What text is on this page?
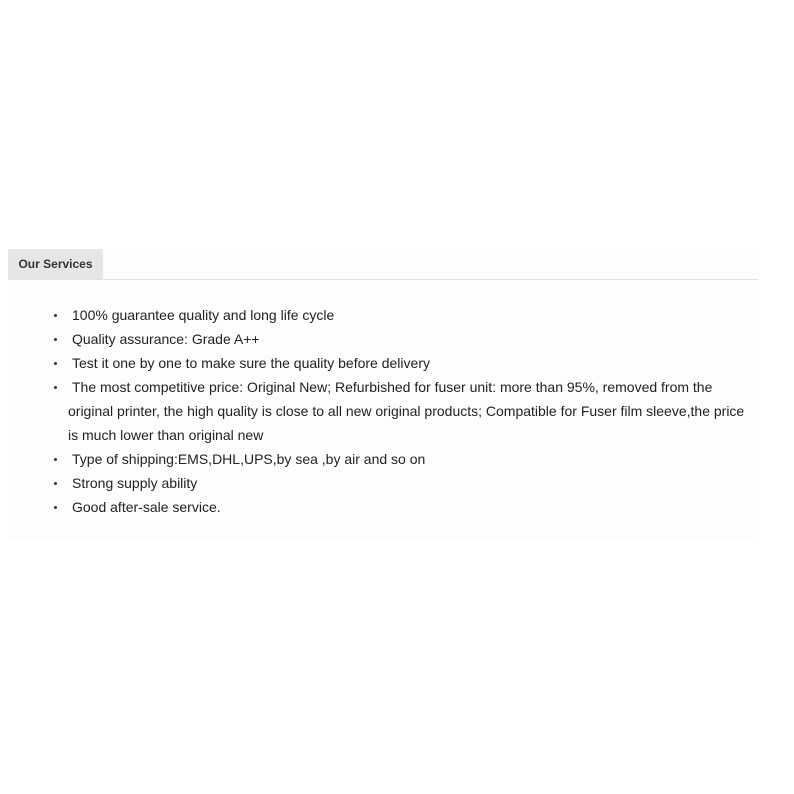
Our Services
100% guarantee quality and long life cycle
Quality assurance: Grade A++
Test it one by one to make sure the quality before delivery
The most competitive price: Original New; Refurbished for fuser unit: more than 95%, removed from the original printer, the high quality is close to all new original products; Compatible for Fuser film sleeve,the price is much lower than original new
Type of shipping:EMS,DHL,UPS,by sea ,by air and so on
Strong supply ability
Good after-sale service.
